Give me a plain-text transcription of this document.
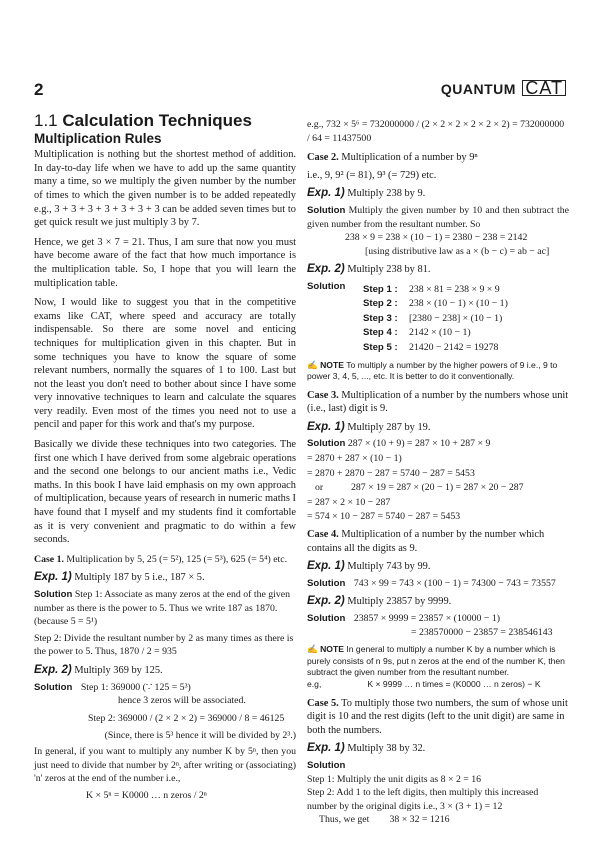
2	QUANTUM CAT
1.1 Calculation Techniques
Multiplication Rules

Multiplication is nothing but the shortest method of addition. In day-to-day life when we have to add up the same quantity many a time, so we multiply the given number by the number of times to which the given number is to be added repeatedly e.g., 3 + 3 + 3 + 3 + 3 + 3 + 3 can be added seven times but to get quick result we just multiply 3 by 7.

Hence, we get 3 × 7 = 21. Thus, I am sure that now you must have become aware of the fact that how much importance is the multiplication table. So, I hope that you will learn the multiplication table.

Now, I would like to suggest you that in the competitive exams like CAT, where speed and accuracy are totally indispensable. So there are some novel and enticing techniques for multiplication given in this chapter. But in some techniques you have to know the square of some relevant numbers, normally the squares of 1 to 100. Last but not the least you don't need to bother about since I have some very innovative techniques to learn and calculate the squares very readily. Even most of the times you need not to use a pencil and paper for this work and that's my purpose.

Basically we divide these techniques into two categories. The first one which I have derived from some algebraic operations and the second one belongs to our ancient maths i.e., Vedic maths. In this book I have laid emphasis on my own approach of multiplication, because years of research in numeric maths I have found that I myself and my students find it comfortable as it is very convenient and pragmatic to do within a few seconds.

Case 1. Multiplication by 5, 25 (= 5²), 125 (= 5³), 625 (= 5⁴) etc.
Exp. 1) Multiply 187 by 5 i.e., 187 × 5.
Solution Step 1: Associate as many zeros at the end of the given number as there is the power to 5. Thus we write 187 as 1870. (because 5 = 5¹)
Step 2: Divide the resultant number by 2 as many times as there is the power to 5. Thus, 1870 / 2 = 935
Exp. 2) Multiply 369 by 125.
Solution Step 1: 369000 (∵ 125 = 5³)
hence 3 zeros will be associated.
Step 2: 369000 / (2 × 2 × 2) = 369000 / 8 = 46125
(Since, there is 5³ hence it will be divided by 2³.)
In general, if you want to multiply any number K by 5ⁿ, then you just need to divide that number by 2ⁿ, after writing or (associating) 'n' zeros at the end of the number i.e.,
K × 5ⁿ = K0000 … n zeros / 2ⁿ
e.g., 732 × 5⁶ = 732000000 / (2 × 2 × 2 × 2 × 2 × 2) = 732000000 / 64 = 11437500
Case 2. Multiplication of a number by 9ⁿ
i.e., 9, 9² (= 81), 9³ (= 729) etc.
Exp. 1) Multiply 238 by 9.
Solution Multiply the given number by 10 and then subtract the given number from the resultant number. So
238 × 9 = 238 × (10 − 1) = 2380 − 238 = 2142
[using distributive law as a × (b − c) = ab − ac]
Exp. 2) Multiply 238 by 81.
Solution	Step 1 :	238 × 81 = 238 × 9 × 9
Step 2 :	238 × (10 − 1) × (10 − 1)
Step 3 :	[2380 − 238] × (10 − 1)
Step 4 :	2142 × (10 − 1)
Step 5 :	21420 − 2142 = 19278
✍ NOTE To multiply a number by the higher powers of 9 i.e., 9 to power 3, 4, 5, ..., etc. It is better to do it conventionally.
Case 3. Multiplication of a number by the numbers whose unit (i.e., last) digit is 9.
Exp. 1) Multiply 287 by 19.
Solution 287 × (10 + 9) = 287 × 10 + 287 × 9
= 2870 + 287 × (10 − 1)
= 2870 + 2870 − 287 = 5740 − 287 = 5453
or	287 × 19 = 287 × (20 − 1) = 287 × 20 − 287
= 287 × 2 × 10 − 287
= 574 × 10 − 287 = 5740 − 287 = 5453
Case 4. Multiplication of a number by the number which contains all the digits as 9.
Exp. 1) Multiply 743 by 99.
Solution 743 × 99 = 743 × (100 − 1) = 74300 − 743 = 73557
Exp. 2) Multiply 23857 by 9999.
Solution 23857 × 9999 = 23857 × (10000 − 1)
= 238570000 − 23857 = 238546143
✍ NOTE In general to multiply a number K by a number which is purely consists of n 9s, put n zeros at the end of the number K, then subtract the given number from the resultant number.
e.g,	K × 9999 … n times = (K0000 … n zeros) − K
Case 5. To multiply those two numbers, the sum of whose unit digit is 10 and the rest digits (left to the unit digit) are same in both the numbers.
Exp. 1) Multiply 38 by 32.
Solution
Step 1: Multiply the unit digits as 8 × 2 = 16
Step 2: Add 1 to the left digits, then multiply this increased number by the original digits i.e., 3 × (3 + 1) = 12
Thus, we get 38 × 32 = 1216
